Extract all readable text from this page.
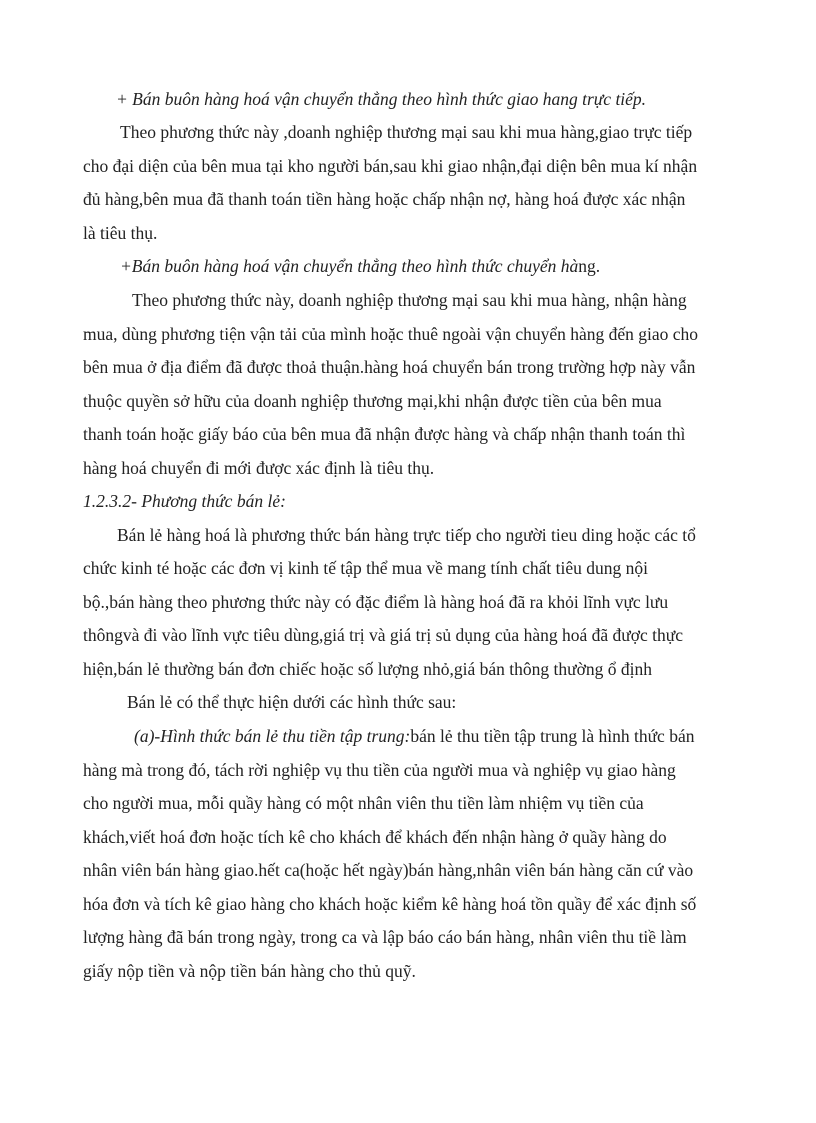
+ Bán buôn hàng hoá vận chuyển thẳng theo hình thức giao hang trực tiếp.
Theo phương thức này ,doanh nghiệp thương mại sau khi mua hàng,giao trực tiếp
cho đại diện của bên mua tại kho người bán,sau khi giao nhận,đại diện bên mua kí nhận
đủ hàng,bên mua đã thanh toán tiền hàng hoặc chấp nhận nợ, hàng hoá được xác nhận
là tiêu thụ.
+Bán buôn hàng hoá vận chuyển thẳng theo hình thức chuyển hàng.
Theo phương thức này, doanh nghiệp thương mại sau khi mua hàng, nhận hàng
mua, dùng phương tiện vận tải của mình hoặc thuê ngoài vận chuyển hàng đến giao cho
bên mua ở địa điểm đã được thoả thuận.hàng hoá chuyển bán trong trường hợp này vẫn
thuộc quyền sở hữu của doanh nghiệp thương mại,khi nhận được tiền của bên mua
thanh toán hoặc giấy báo của bên mua đã nhận được hàng và chấp nhận thanh toán thì
hàng hoá chuyển đi mới được xác định là tiêu thụ.
1.2.3.2- Phương thức bán lẻ:
Bán lẻ hàng hoá là phương thức bán hàng trực tiếp cho người tieu ding hoặc các tổ
chức kinh té hoặc các đơn vị kinh tế tập thể mua về mang tính chất tiêu dung nội
bộ.,bán hàng theo phương thức này có đặc điểm là hàng hoá đã ra khỏi lĩnh vực lưu
thôngvà đi vào lĩnh vực tiêu dùng,giá trị và giá trị sủ dụng của hàng hoá đã được thực
hiện,bán lẻ thường bán đơn chiếc hoặc số lượng nhỏ,giá bán thông thường ổ định
Bán lẻ có thể thực hiện dưới các hình thức sau:
(a)-Hình thức bán lẻ thu tiền tập trung:bán lẻ thu tiền tập trung là hình thức bán
hàng mà trong đó, tách rời nghiệp vụ thu tiền của người mua và nghiệp vụ giao hàng
cho người mua, mỗi quầy hàng có một nhân viên thu tiền làm nhiệm vụ tiền của
khách,viết hoá đơn hoặc tích kê cho khách để khách đến nhận hàng ở quầy hàng do
nhân viên bán hàng giao.hết ca(hoặc hết ngày)bán hàng,nhân viên bán hàng căn cứ vào
hóa đơn và tích kê giao hàng cho khách hoặc kiểm kê hàng hoá tồn quầy để xác định số
lượng hàng đã bán trong ngày, trong ca và lập báo cáo bán hàng, nhân viên thu tiề làm
giấy nộp tiền và nộp tiền bán hàng cho thủ quỹ.
